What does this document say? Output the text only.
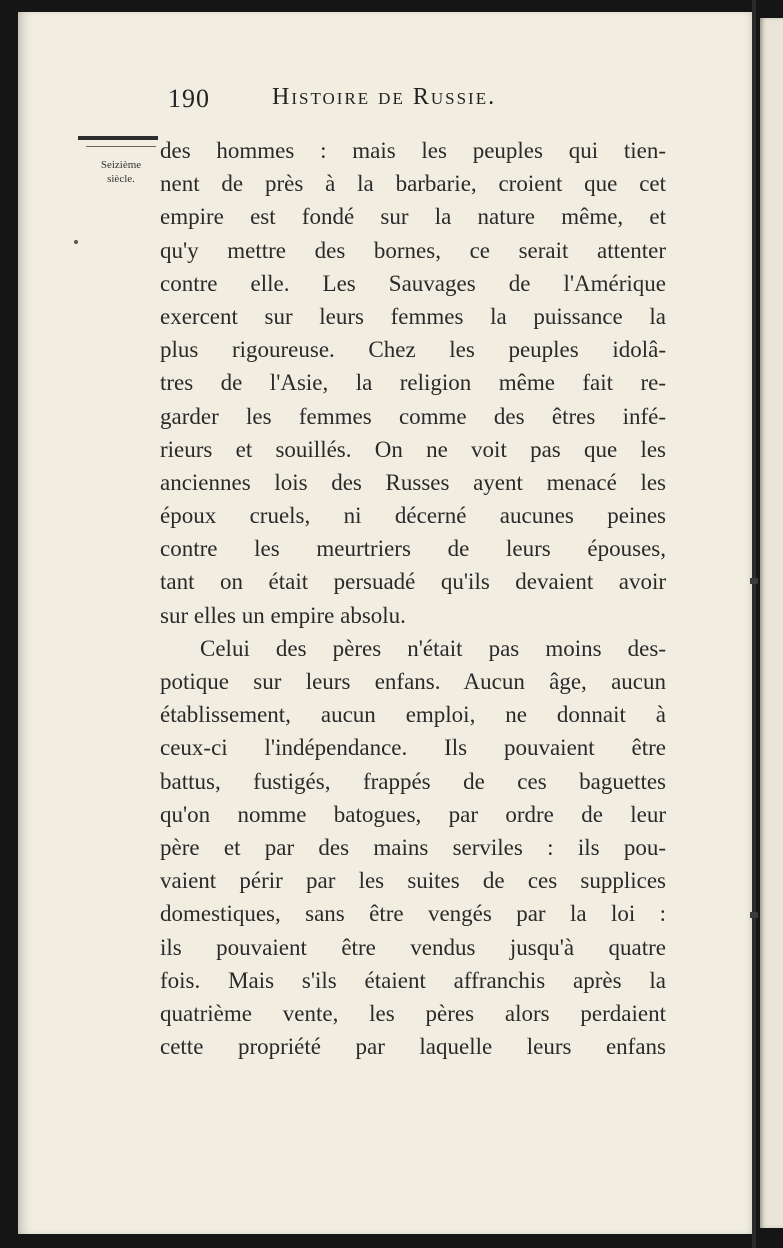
190	Histoire de Russie.
Seizième
siècle.
des hommes : mais les peuples qui tien-
nent de près à la barbarie, croient que cet
empire est fondé sur la nature même, et
qu'y mettre des bornes, ce serait attenter
contre elle. Les Sauvages de l'Amérique
exercent sur leurs femmes la puissance la
plus rigoureuse. Chez les peuples idolâ-
tres de l'Asie, la religion même fait re-
garder les femmes comme des êtres infé-
rieurs et souillés. On ne voit pas que les
anciennes lois des Russes ayent menacé les
époux cruels, ni décerné aucunes peines
contre les meurtriers de leurs épouses,
tant on était persuadé qu'ils devaient avoir
sur elles un empire absolu.
Celui des pères n'était pas moins des-
potique sur leurs enfans. Aucun âge, aucun
établissement, aucun emploi, ne donnait à
ceux-ci l'indépendance. Ils pouvaient être
battus, fustigés, frappés de ces baguettes
qu'on nomme batogues, par ordre de leur
père et par des mains serviles : ils pou-
vaient périr par les suites de ces supplices
domestiques, sans être vengés par la loi :
ils pouvaient être vendus jusqu'à quatre
fois. Mais s'ils étaient affranchis après la
quatrième vente, les pères alors perdaient
cette propriété par laquelle leurs enfans
